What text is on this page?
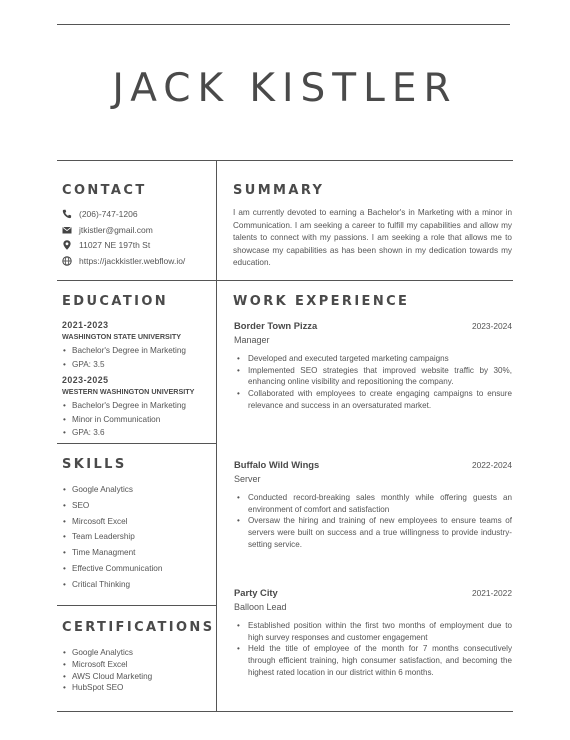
JACK KISTLER
CONTACT
(206)-747-1206
jtkistler@gmail.com
11027 NE 197th St
https://jackkistler.webflow.io/
SUMMARY
I am currently devoted to earning a Bachelor's in Marketing with a minor in Communication. I am seeking a career to fulfill my capabilities and allow my talents to connect with my passions. I am seeking a role that allows me to showcase my capabilities as has been shown in my dedication towards my education.
EDUCATION
2021-2023
WASHINGTON STATE UNIVERSITY
• Bachelor's Degree in Marketing
• GPA: 3.5
2023-2025
WESTERN WASHINGTON UNIVERSITY
• Bachelor's Degree in Marketing
• Minor in Communication
• GPA: 3.6
WORK EXPERIENCE
Border Town Pizza	2023-2024
Manager
• Developed and executed targeted marketing campaigns
• Implemented SEO strategies that improved website traffic by 30%, enhancing online visibility and repositioning the company.
• Collaborated with employees to create engaging campaigns to ensure relevance and success in an oversaturated market.
Buffalo Wild Wings	2022-2024
Server
• Conducted record-breaking sales monthly while offering guests an environment of comfort and satisfaction
• Oversaw the hiring and training of new employees to ensure teams of servers were built on success and a true willingness to provide industry-setting service.
Party City	2021-2022
Balloon Lead
• Established position within the first two months of employment due to high survey responses and customer engagement
• Held the title of employee of the month for 7 months consecutively through efficient training, high consumer satisfaction, and becoming the highest rated location in our district within 6 months.
SKILLS
• Google Analytics
• SEO
• Mircosoft Excel
• Team Leadership
• Time Managment
• Effective Communication
• Critical Thinking
CERTIFICATIONS
• Google Analytics
• Microsoft Excel
• AWS Cloud Marketing
• HubSpot SEO
